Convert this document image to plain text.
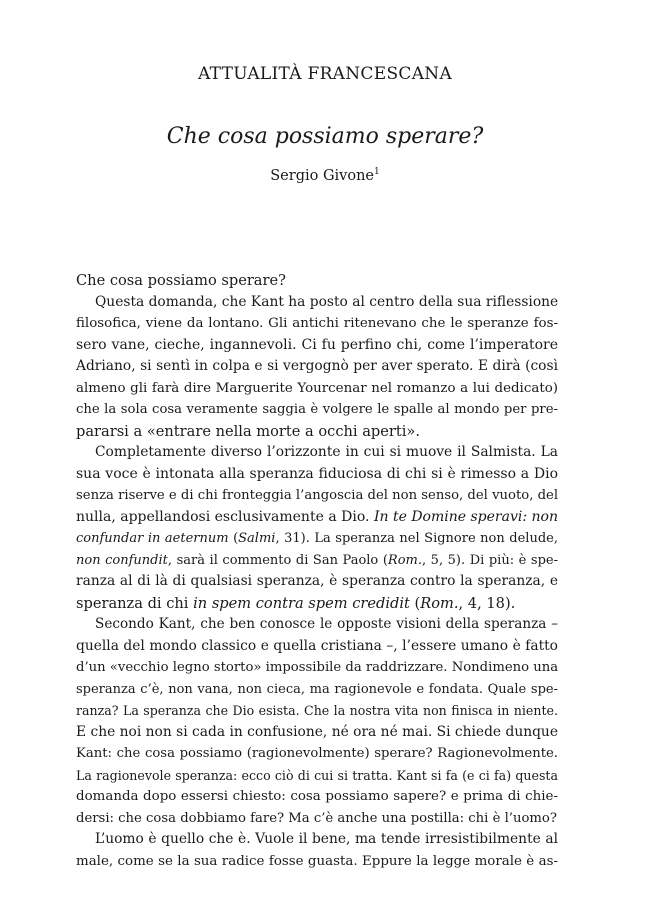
ATTUALITÀ FRANCESCANA
Che cosa possiamo sperare?
Sergio Givone$^1$
Che cosa possiamo sperare?
Questa domanda, che Kant ha posto al centro della sua riflessione
filosofica, viene da lontano. Gli antichi ritenevano che le speranze fos-
sero vane, cieche, ingannevoli. Ci fu perfino chi, come l’imperatore
Adriano, si sentì in colpa e si vergognò per aver sperato. E dirà (così
almeno gli farà dire Marguerite Yourcenar nel romanzo a lui dedicato)
che la sola cosa veramente saggia è volgere le spalle al mondo per pre-
pararsi a «entrare nella morte a occhi aperti».
Completamente diverso l’orizzonte in cui si muove il Salmista. La
sua voce è intonata alla speranza fiduciosa di chi si è rimesso a Dio
senza riserve e di chi fronteggia l’angoscia del non senso, del vuoto, del
nulla, appellandosi esclusivamente a Dio. In te Domine speravi: non
confundar in aeternum (Salmi, 31). La speranza nel Signore non delude,
non confundit, sarà il commento di San Paolo (Rom., 5, 5). Di più: è spe-
ranza al di là di qualsiasi speranza, è speranza contro la speranza, e
speranza di chi in spem contra spem credidit (Rom., 4, 18).
Secondo Kant, che ben conosce le opposte visioni della speranza –
quella del mondo classico e quella cristiana –, l’essere umano è fatto
d’un «vecchio legno storto» impossibile da raddrizzare. Nondimeno una
speranza c’è, non vana, non cieca, ma ragionevole e fondata. Quale spe-
ranza? La speranza che Dio esista. Che la nostra vita non finisca in niente.
E che noi non si cada in confusione, né ora né mai. Si chiede dunque
Kant: che cosa possiamo (ragionevolmente) sperare? Ragionevolmente.
La ragionevole speranza: ecco ciò di cui si tratta. Kant si fa (e ci fa) questa
domanda dopo essersi chiesto: cosa possiamo sapere? e prima di chie-
dersi: che cosa dobbiamo fare? Ma c’è anche una postilla: chi è l’uomo?
L’uomo è quello che è. Vuole il bene, ma tende irresistibilmente al
male, come se la sua radice fosse guasta. Eppure la legge morale è as-
